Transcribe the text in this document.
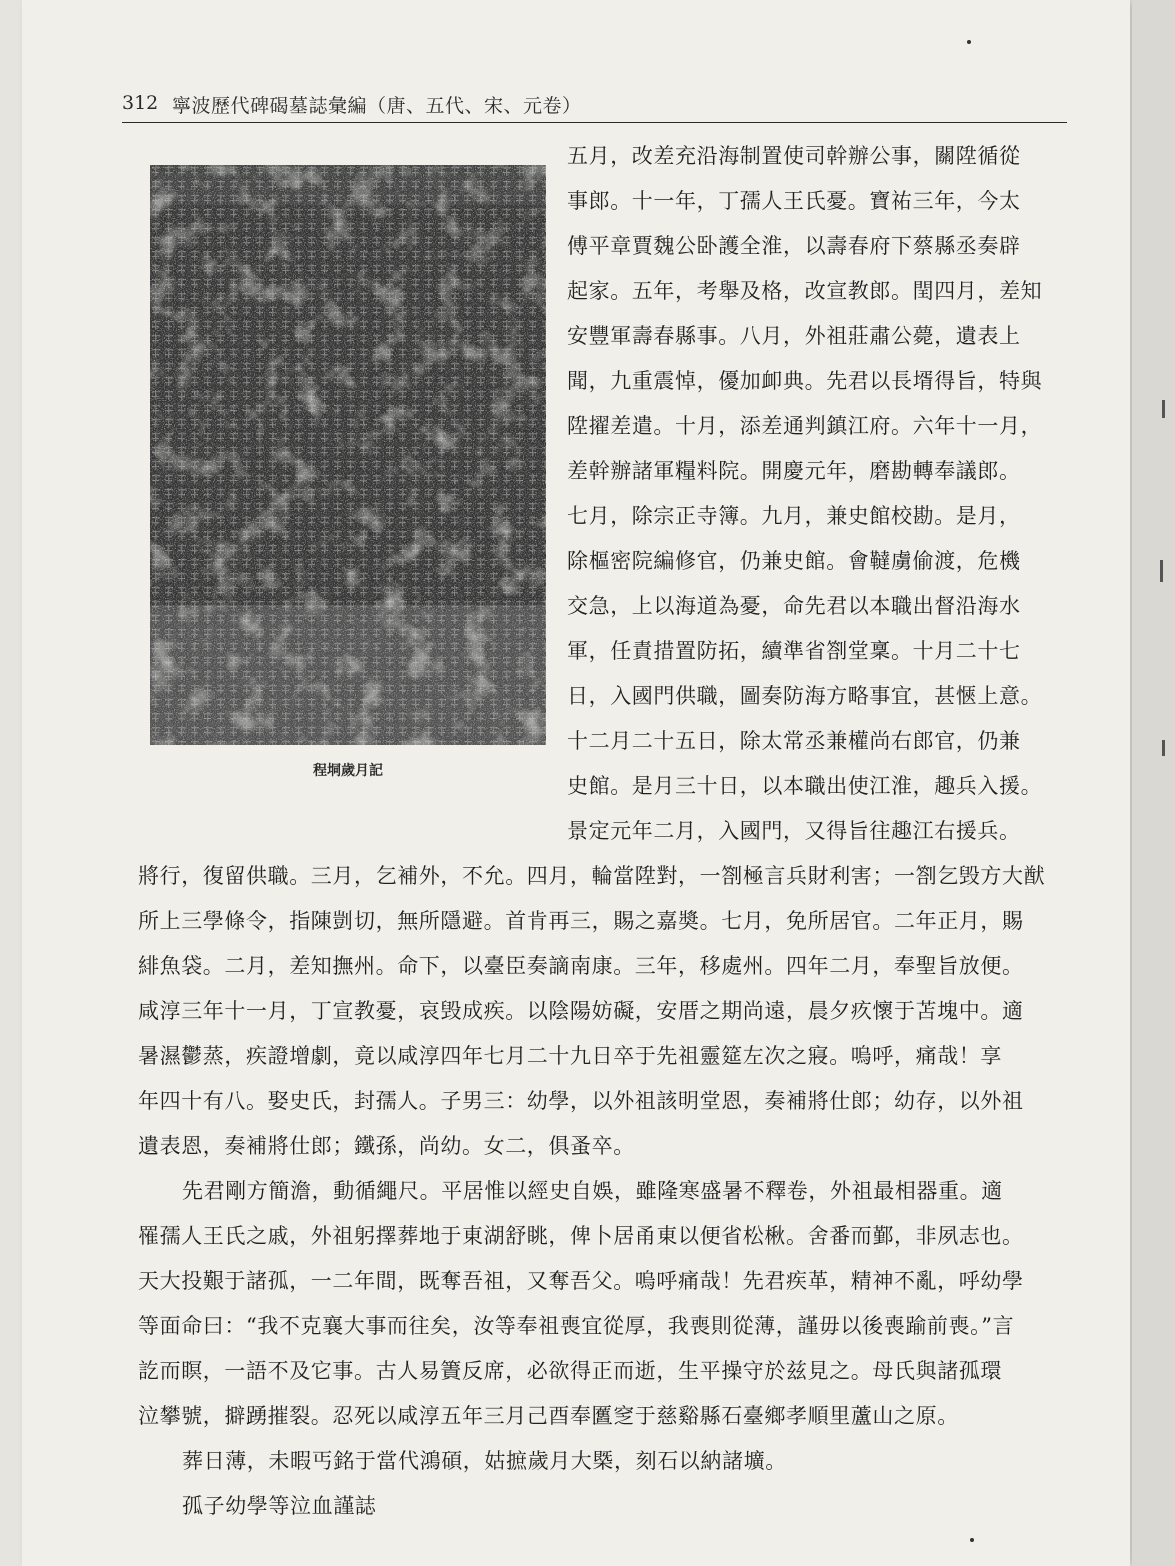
312 寧波歷代碑碣墓誌彙編（唐、五代、宋、元卷）
程垌歲月記
五月，改差充沿海制置使司幹辦公事，關陞循從
事郎。十一年，丁孺人王氏憂。寶祐三年，今太
傅平章賈魏公卧護全淮，以壽春府下蔡縣丞奏辟
起家。五年，考舉及格，改宣教郎。閏四月，差知
安豐軍壽春縣事。八月，外祖莊肅公薨，遺表上
聞，九重震悼，優加卹典。先君以長壻得旨，特與
陞擢差遣。十月，添差通判鎮江府。六年十一月，
差幹辦諸軍糧料院。開慶元年，磨勘轉奉議郎。
七月，除宗正寺簿。九月，兼史館校勘。是月，
除樞密院編修官，仍兼史館。會韃虜偷渡，危機
交急，上以海道為憂，命先君以本職出督沿海水
軍，任責措置防拓，續準省劄堂稟。十月二十七
日，入國門供職，圖奏防海方略事宜，甚愜上意。
十二月二十五日，除太常丞兼權尚右郎官，仍兼
史館。是月三十日，以本職出使江淮，趣兵入援。
景定元年二月，入國門，又得旨往趣江右援兵。
將行，復留供職。三月，乞補外，不允。四月，輪當陞對，一劄極言兵財利害；一劄乞毁方大猷
所上三學條令，指陳剴切，無所隱避。首肯再三，賜之嘉奬。七月，免所居官。二年正月，賜
緋魚袋。二月，差知撫州。命下，以臺臣奏謫南康。三年，移處州。四年二月，奉聖旨放便。
咸淳三年十一月，丁宣教憂，哀毁成疾。以陰陽妨礙，安厝之期尚遠，晨夕疚懷于苫塊中。適
暑濕鬱蒸，疾證增劇，竟以咸淳四年七月二十九日卒于先祖靈筵左次之寢。嗚呼，痛哉！享
年四十有八。娶史氏，封孺人。子男三：幼學，以外祖該明堂恩，奏補將仕郎；幼存，以外祖
遺表恩，奏補將仕郎；鐵孫，尚幼。女二，俱蚤卒。
先君剛方簡澹，動循繩尺。平居惟以經史自娛，雖隆寒盛暑不釋卷，外祖最相器重。適
罹孺人王氏之戚，外祖躬擇葬地于東湖舒眺，俾卜居甬東以便省松楸。舍番而鄞，非夙志也。
天大投艱于諸孤，一二年間，既奪吾祖，又奪吾父。嗚呼痛哉！先君疾革，精神不亂，呼幼學
等面命曰：“我不克襄大事而往矣，汝等奉祖喪宜從厚，我喪則從薄，謹毋以後喪踰前喪。”言
訖而瞑，一語不及它事。古人易簀反席，必欲得正而逝，生平操守於兹見之。母氏與諸孤環
泣攀號，擗踴摧裂。忍死以咸淳五年三月己酉奉匶窆于慈谿縣石臺鄉孝順里蘆山之原。
葬日薄，未暇丐銘于當代鴻碩，姑摭歲月大槩，刻石以納諸壙。
孤子幼學等泣血謹誌
